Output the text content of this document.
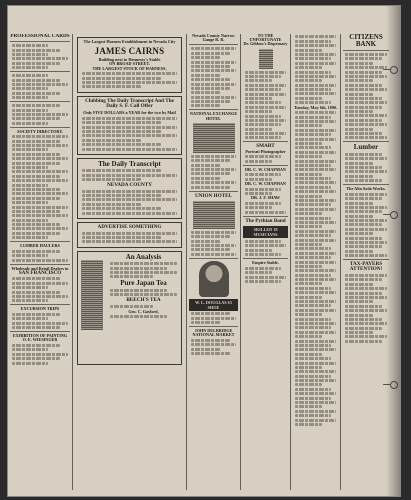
PROFESSIONAL CARDS
SOCIETY DIRECTORY.
LUMBER HAULERS
Wholesale and Retail Dealers in
SAN FRANCISCO
EXCURSION TRIPS
EXHIBITION OF PAINTING
O. E. WIESINGER
The Largest Harness Establishment in Nevada City
JAMES CAIRNS
Building next to Hennessy's Stable
ON BROAD STREET.
THE LARGEST STOCK OF HARNESS,
Clubbing The Daily Transcript And The Daily S. F. Call Offer
Only FIVE DOLLARS a YEAR for the two by Mail
The Daily Transcript
NEVADA COUNTY
ADVERTISE SOMETHING
An Analysis
Pure Japan Tea
BEECH'S TEA
Geo. C. Gaylord,
Nevada County Narrow Gauge R. R.
NATIONAL EXCHANGE HOTEL
UNION HOTEL
W. L. DOUGLAS $3 SHOE
JOHN DELBRIDGE
NATIONAL MARKET
TO THE UNFORTUNATE
Dr. Gibbon's Dispensary
SMART
Portrait Photographer
DR. C. W. CHAPMAN
DR. C. W. CHAPMAN
DR. J. F. SHAW
The Pythian Band
SKILLED 18 MUSICIANS
Empire Stable.
Tuesday, May 6th, 1890.
CITIZENS BANK
Lumber
The Alta Soda Works.
TAX-PAYERS ATTENTION!
